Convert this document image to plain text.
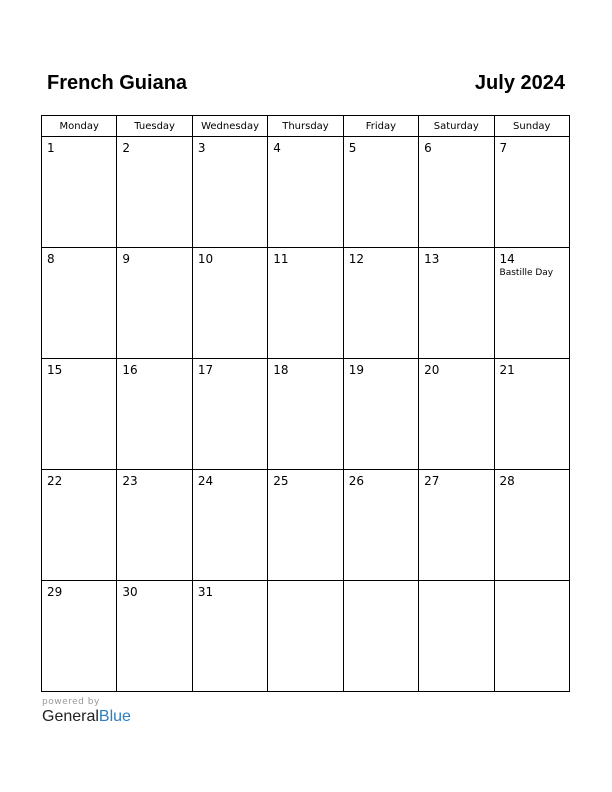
French Guiana	July 2024
Monday	Tuesday	Wednesday	Thursday	Friday	Saturday	Sunday

1	2	3	4	5	6	7

8	9	10	11	12	13	14
Bastille Day

15	16	17	18	19	20	21

22	23	24	25	26	27	28

29	30	31				

powered by
GeneralBlue
